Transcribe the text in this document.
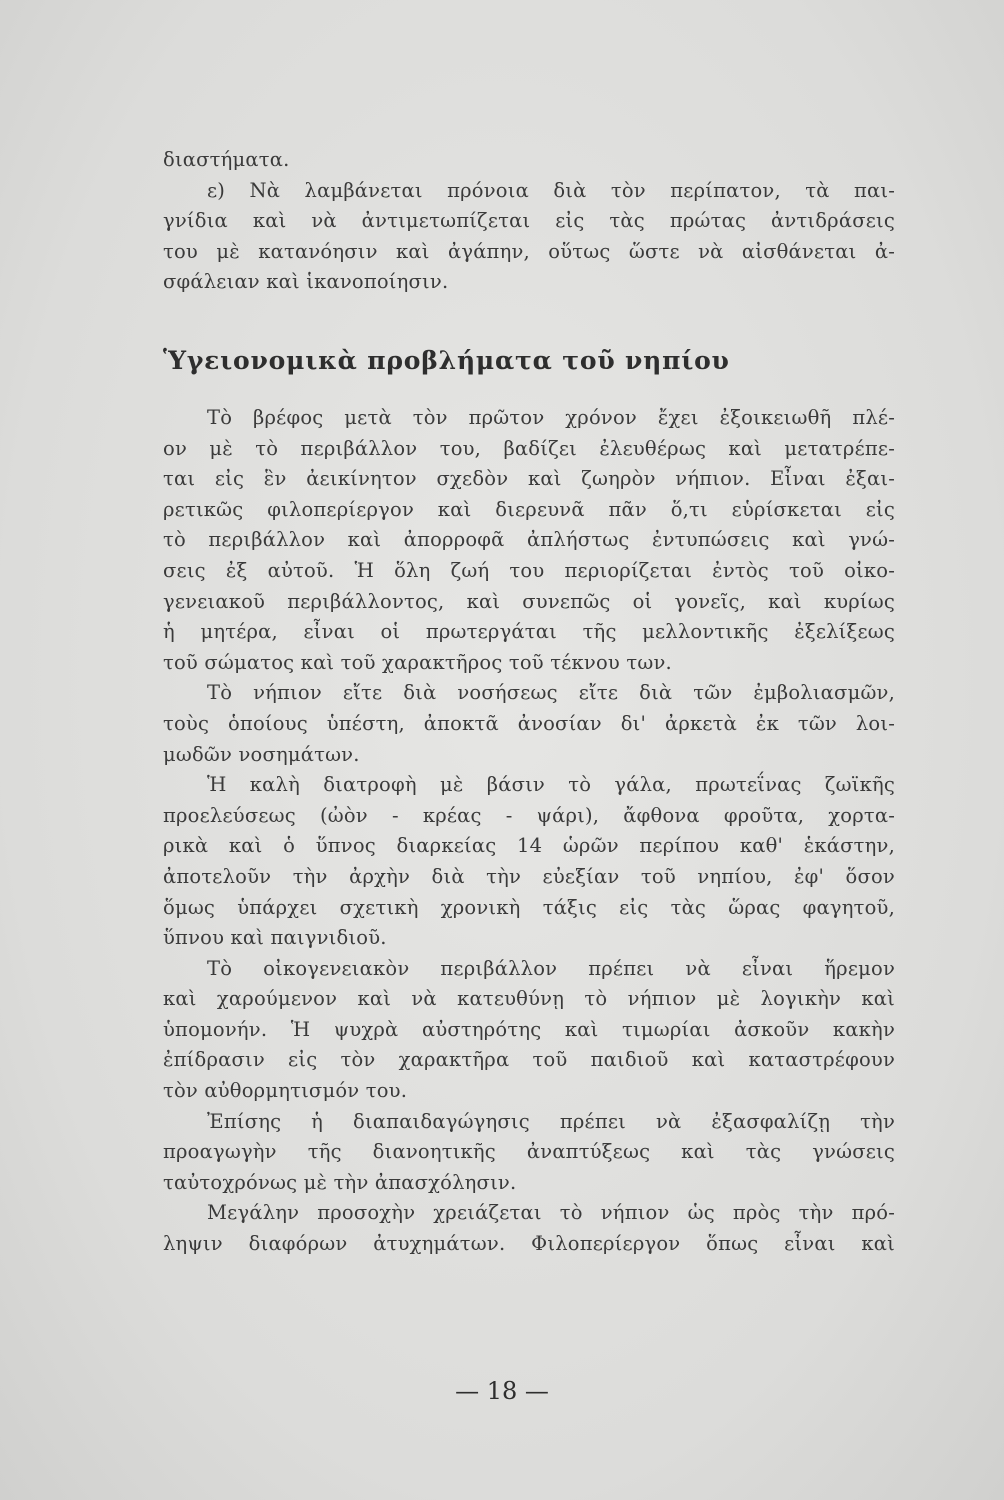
διαστήματα.
ε) Νὰ λαμβάνεται πρόνοια διὰ τὸν περίπατον, τὰ παι-
γνίδια καὶ νὰ ἀντιμετωπίζεται εἰς τὰς πρώτας ἀντιδράσεις
του μὲ κατανόησιν καὶ ἀγάπην, οὕτως ὥστε νὰ αἰσθάνεται ἀ-
σφάλειαν καὶ ἱκανοποίησιν.
Ὑγειονομικὰ προβλήματα τοῦ νηπίου
Τὸ βρέφος μετὰ τὸν πρῶτον χρόνον ἔχει ἐξοικειωθῆ πλέ-
ον μὲ τὸ περιβάλλον του, βαδίζει ἐλευθέρως καὶ μετατρέπε-
ται εἰς ἓν ἀεικίνητον σχεδὸν καὶ ζωηρὸν νήπιον. Εἶναι ἐξαι-
ρετικῶς φιλοπερίεργον καὶ διερευνᾶ πᾶν ὅ,τι εὑρίσκεται εἰς
τὸ περιβάλλον καὶ ἀπορροφᾶ ἀπλήστως ἐντυπώσεις καὶ γνώ-
σεις ἐξ αὐτοῦ. Ἡ ὅλη ζωή του περιορίζεται ἐντὸς τοῦ οἰκο-
γενειακοῦ περιβάλλοντος, καὶ συνεπῶς οἱ γονεῖς, καὶ κυρίως
ἡ μητέρα, εἶναι οἱ πρωτεργάται τῆς μελλοντικῆς ἐξελίξεως
τοῦ σώματος καὶ τοῦ χαρακτῆρος τοῦ τέκνου των.
Τὸ νήπιον εἴτε διὰ νοσήσεως εἴτε διὰ τῶν ἐμβολιασμῶν,
τοὺς ὁποίους ὑπέστη, ἀποκτᾶ ἀνοσίαν δι' ἀρκετὰ ἐκ τῶν λοι-
μωδῶν νοσημάτων.
Ἡ καλὴ διατροφὴ μὲ βάσιν τὸ γάλα, πρωτεΐνας ζωϊκῆς
προελεύσεως (ὠὸν - κρέας - ψάρι), ἄφθονα φροῦτα, χορτα-
ρικὰ καὶ ὁ ὕπνος διαρκείας 14 ὡρῶν περίπου καθ' ἑκάστην,
ἀποτελοῦν τὴν ἀρχὴν διὰ τὴν εὐεξίαν τοῦ νηπίου, ἐφ' ὅσον
ὅμως ὑπάρχει σχετικὴ χρονικὴ τάξις εἰς τὰς ὥρας φαγητοῦ,
ὕπνου καὶ παιγνιδιοῦ.
Τὸ οἰκογενειακὸν περιβάλλον πρέπει νὰ εἶναι ἥρεμον
καὶ χαρούμενον καὶ νὰ κατευθύνῃ τὸ νήπιον μὲ λογικὴν καὶ
ὑπομονήν. Ἡ ψυχρὰ αὐστηρότης καὶ τιμωρίαι ἀσκοῦν κακὴν
ἐπίδρασιν εἰς τὸν χαρακτῆρα τοῦ παιδιοῦ καὶ καταστρέφουν
τὸν αὐθορμητισμόν του.
Ἐπίσης ἡ διαπαιδαγώγησις πρέπει νὰ ἐξασφαλίζῃ τὴν
προαγωγὴν τῆς διανοητικῆς ἀναπτύξεως καὶ τὰς γνώσεις
ταὐτοχρόνως μὲ τὴν ἀπασχόλησιν.
Μεγάλην προσοχὴν χρειάζεται τὸ νήπιον ὡς πρὸς τὴν πρό-
ληψιν διαφόρων ἀτυχημάτων. Φιλοπερίεργον ὅπως εἶναι καὶ
— 18 —
